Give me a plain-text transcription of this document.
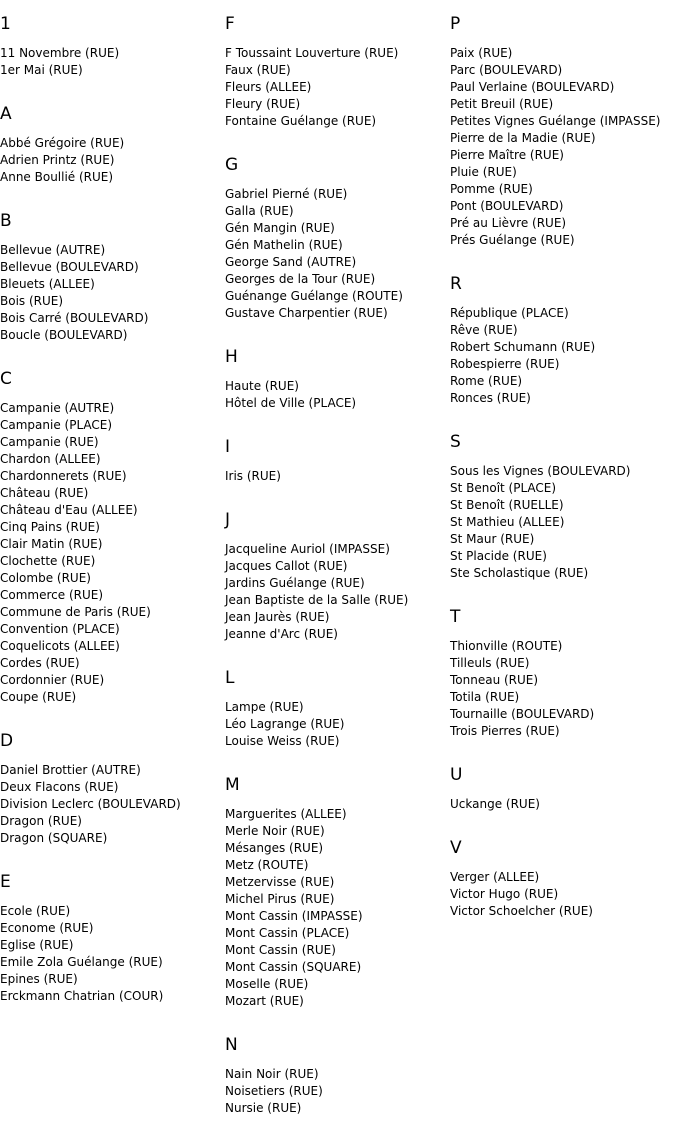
1
11 Novembre (RUE)
1er Mai (RUE)
A
Abbé Grégoire (RUE)
Adrien Printz (RUE)
Anne Boullié (RUE)
B
Bellevue (AUTRE)
Bellevue (BOULEVARD)
Bleuets (ALLEE)
Bois (RUE)
Bois Carré (BOULEVARD)
Boucle (BOULEVARD)
C
Campanie (AUTRE)
Campanie (PLACE)
Campanie (RUE)
Chardon (ALLEE)
Chardonnerets (RUE)
Château (RUE)
Château d'Eau (ALLEE)
Cinq Pains (RUE)
Clair Matin (RUE)
Clochette (RUE)
Colombe (RUE)
Commerce (RUE)
Commune de Paris (RUE)
Convention (PLACE)
Coquelicots (ALLEE)
Cordes (RUE)
Cordonnier (RUE)
Coupe (RUE)
D
Daniel Brottier (AUTRE)
Deux Flacons (RUE)
Division Leclerc (BOULEVARD)
Dragon (RUE)
Dragon (SQUARE)
E
Ecole (RUE)
Econome (RUE)
Eglise (RUE)
Emile Zola Guélange (RUE)
Epines (RUE)
Erckmann Chatrian (COUR)
F
F Toussaint Louverture (RUE)
Faux (RUE)
Fleurs (ALLEE)
Fleury (RUE)
Fontaine Guélange (RUE)
G
Gabriel Pierné (RUE)
Galla (RUE)
Gén Mangin (RUE)
Gén Mathelin (RUE)
George Sand (AUTRE)
Georges de la Tour (RUE)
Guénange Guélange (ROUTE)
Gustave Charpentier (RUE)
H
Haute (RUE)
Hôtel de Ville (PLACE)
I
Iris (RUE)
J
Jacqueline Auriol (IMPASSE)
Jacques Callot (RUE)
Jardins Guélange (RUE)
Jean Baptiste de la Salle (RUE)
Jean Jaurès (RUE)
Jeanne d'Arc (RUE)
L
Lampe (RUE)
Léo Lagrange (RUE)
Louise Weiss (RUE)
M
Marguerites (ALLEE)
Merle Noir (RUE)
Mésanges (RUE)
Metz (ROUTE)
Metzervisse (RUE)
Michel Pirus (RUE)
Mont Cassin (IMPASSE)
Mont Cassin (PLACE)
Mont Cassin (RUE)
Mont Cassin (SQUARE)
Moselle (RUE)
Mozart (RUE)
N
Nain Noir (RUE)
Noisetiers (RUE)
Nursie (RUE)
P
Paix (RUE)
Parc (BOULEVARD)
Paul Verlaine (BOULEVARD)
Petit Breuil (RUE)
Petites Vignes Guélange (IMPASSE)
Pierre de la Madie (RUE)
Pierre Maître (RUE)
Pluie (RUE)
Pomme (RUE)
Pont (BOULEVARD)
Pré au Lièvre (RUE)
Prés Guélange (RUE)
R
République (PLACE)
Rêve (RUE)
Robert Schumann (RUE)
Robespierre (RUE)
Rome (RUE)
Ronces (RUE)
S
Sous les Vignes (BOULEVARD)
St Benoît (PLACE)
St Benoît (RUELLE)
St Mathieu (ALLEE)
St Maur (RUE)
St Placide (RUE)
Ste Scholastique (RUE)
T
Thionville (ROUTE)
Tilleuls (RUE)
Tonneau (RUE)
Totila (RUE)
Tournaille (BOULEVARD)
Trois Pierres (RUE)
U
Uckange (RUE)
V
Verger (ALLEE)
Victor Hugo (RUE)
Victor Schoelcher (RUE)
